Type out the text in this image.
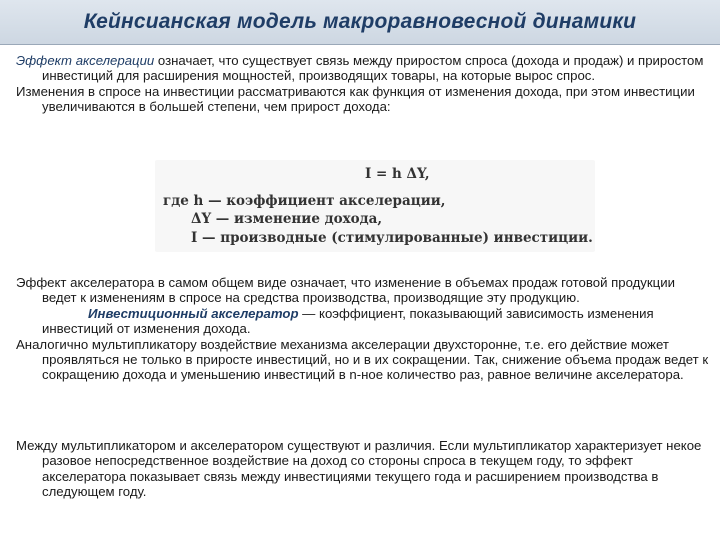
Кейнсианская модель макроравновесной динамики

Эффект акселерации означает, что существует связь между приростом спроса (дохода и продаж) и приростом инвестиций для расширения мощностей, производящих товары, на которые вырос спрос.

Изменения в спросе на инвестиции рассматриваются как функция от изменения дохода, при этом инвестиции увеличиваются в большей степени, чем прирост дохода:

I = h ΔY,
где h — коэффициент акселерации,
ΔY — изменение дохода,
I — производные (стимулированные) инвестиции.

Эффект акселератора в самом общем виде означает, что изменение в объемах продаж готовой продукции ведет к изменениям в спросе на средства производства, производящие эту продукцию.

Инвестиционный акселератор — коэффициент, показывающий зависимость изменения инвестиций от изменения дохода.

Аналогично мультипликатору воздействие механизма акселерации двухсторонне, т.е. его действие может проявляться не только в приросте инвестиций, но и в их сокращении. Так, снижение объема продаж ведет к сокращению дохода и уменьшению инвестиций в n-ное количество раз, равное величине акселератора.

Между мультипликатором и акселератором существуют и различия. Если мультипликатор характеризует некое разовое непосредственное воздействие на доход со стороны спроса в текущем году, то эффект акселератора показывает связь между инвестициями текущего года и расширением производства в следующем году.
